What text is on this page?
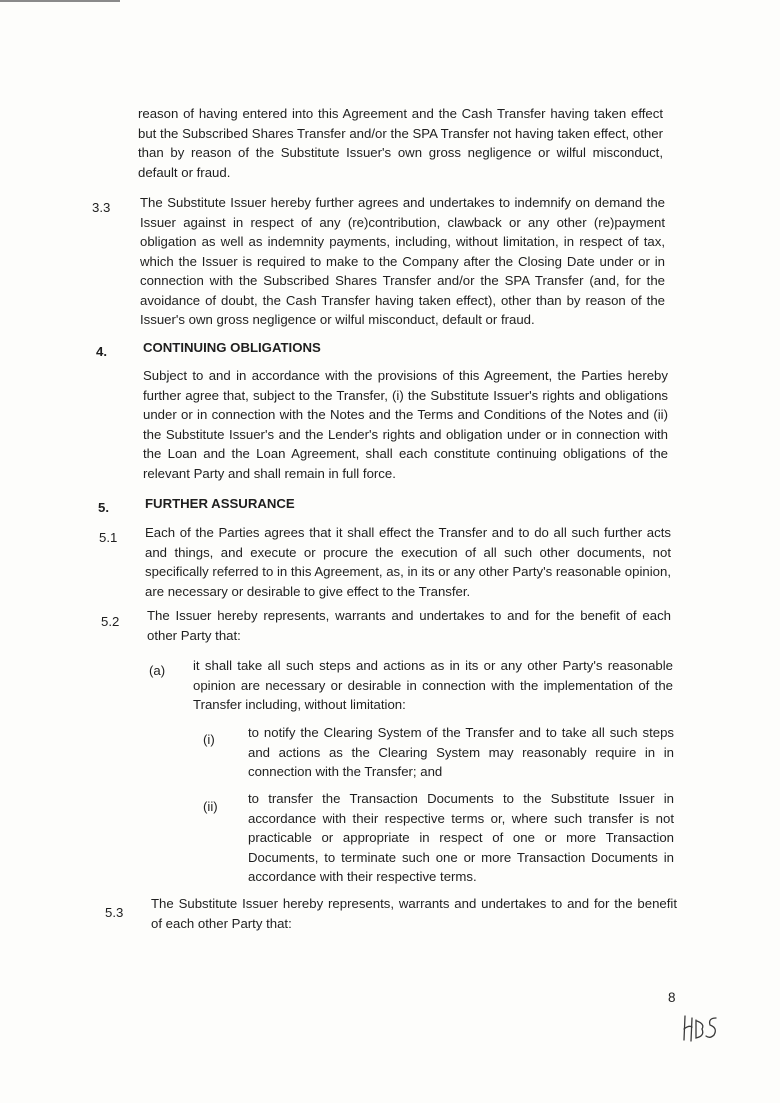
reason of having entered into this Agreement and the Cash Transfer having taken effect but the Subscribed Shares Transfer and/or the SPA Transfer not having taken effect, other than by reason of the Substitute Issuer's own gross negligence or wilful misconduct, default or fraud.
3.3 The Substitute Issuer hereby further agrees and undertakes to indemnify on demand the Issuer against in respect of any (re)contribution, clawback or any other (re)payment obligation as well as indemnity payments, including, without limitation, in respect of tax, which the Issuer is required to make to the Company after the Closing Date under or in connection with the Subscribed Shares Transfer and/or the SPA Transfer (and, for the avoidance of doubt, the Cash Transfer having taken effect), other than by reason of the Issuer's own gross negligence or wilful misconduct, default or fraud.
4.	CONTINUING OBLIGATIONS
Subject to and in accordance with the provisions of this Agreement, the Parties hereby further agree that, subject to the Transfer, (i) the Substitute Issuer's rights and obligations under or in connection with the Notes and the Terms and Conditions of the Notes and (ii) the Substitute Issuer's and the Lender's rights and obligation under or in connection with the Loan and the Loan Agreement, shall each constitute continuing obligations of the relevant Party and shall remain in full force.
5.	FURTHER ASSURANCE
5.1 Each of the Parties agrees that it shall effect the Transfer and to do all such further acts and things, and execute or procure the execution of all such other documents, not specifically referred to in this Agreement, as, in its or any other Party's reasonable opinion, are necessary or desirable to give effect to the Transfer.
5.2 The Issuer hereby represents, warrants and undertakes to and for the benefit of each other Party that:
(a) it shall take all such steps and actions as in its or any other Party's reasonable opinion are necessary or desirable in connection with the implementation of the Transfer including, without limitation:
(i)	to notify the Clearing System of the Transfer and to take all such steps and actions as the Clearing System may reasonably require in in connection with the Transfer; and
(ii)
to transfer the Transaction Documents to the Substitute Issuer in accordance with their respective terms or, where such transfer is not practicable or appropriate in respect of one or more Transaction Documents, to terminate such one or more Transaction Documents in accordance with their respective terms.
5.3
The Substitute Issuer hereby represents, warrants and undertakes to and for the benefit of each other Party that:
8
